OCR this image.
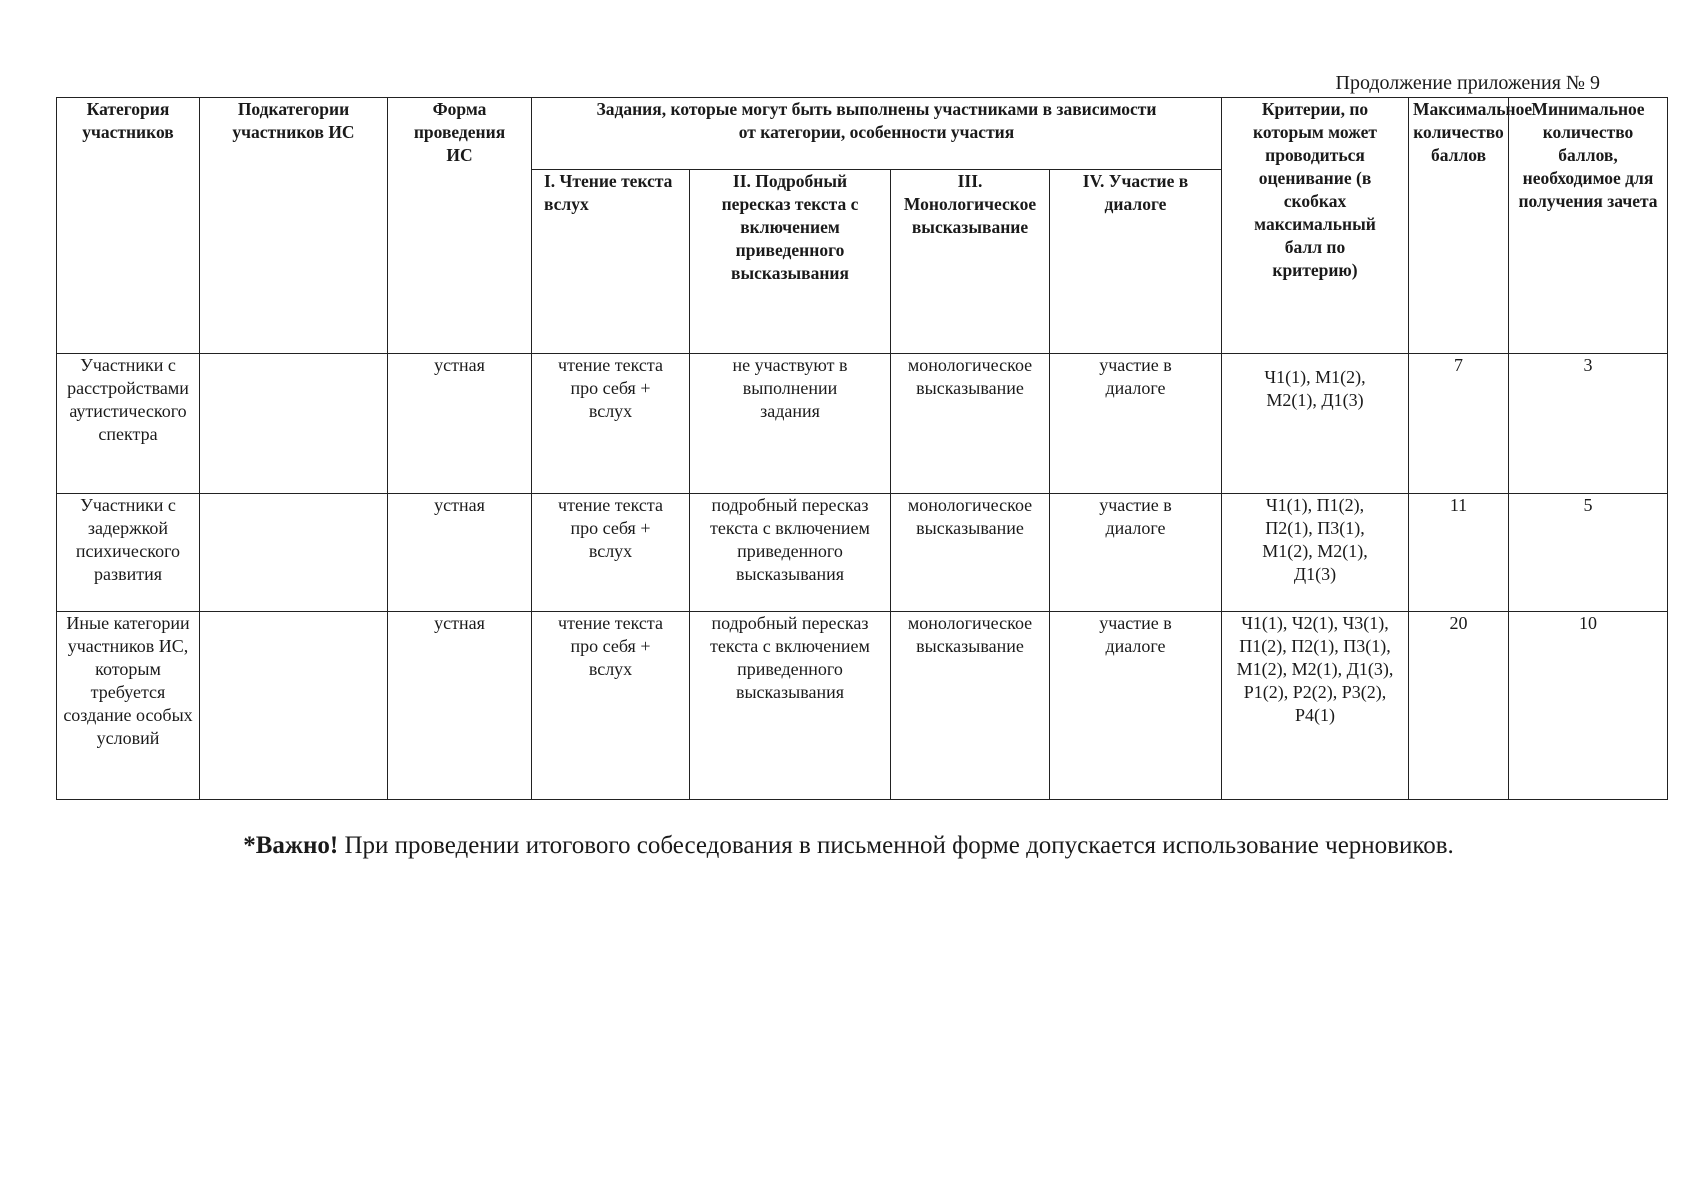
Продолжение приложения № 9
Категория участников	Подкатегории участников ИС	Форма проведения ИС	Задания, которые могут быть выполнены участниками в зависимости от категории, особенности участия				Критерии, по которым может проводиться оценивание (в скобках максимальный балл по критерию)	Максимальное количество баллов	Минимальное количество баллов, необходимое для получения зачета
			I. Чтение текста вслух	II. Подробный пересказ текста с включением приведенного высказывания	III. Монологическое высказывание	IV. Участие в диалоге			
Участники с расстройствами аутистического спектра		устная	чтение текста про себя + вслух	не участвуют в выполнении задания	монологическое высказывание	участие в диалоге	Ч1(1), М1(2), М2(1), Д1(3)	7	3
Участники с задержкой психического развития		устная	чтение текста про себя + вслух	подробный пересказ текста с включением приведенного высказывания	монологическое высказывание	участие в диалоге	Ч1(1), П1(2), П2(1), П3(1), М1(2), М2(1), Д1(3)	11	5
Иные категории участников ИС, которым требуется создание особых условий		устная	чтение текста про себя + вслух	подробный пересказ текста с включением приведенного высказывания	монологическое высказывание	участие в диалоге	Ч1(1), Ч2(1), Ч3(1), П1(2), П2(1), П3(1), М1(2), М2(1), Д1(3), Р1(2), Р2(2), Р3(2), Р4(1)	20	10
*Важно! При проведении итогового собеседования в письменной форме допускается использование черновиков.
